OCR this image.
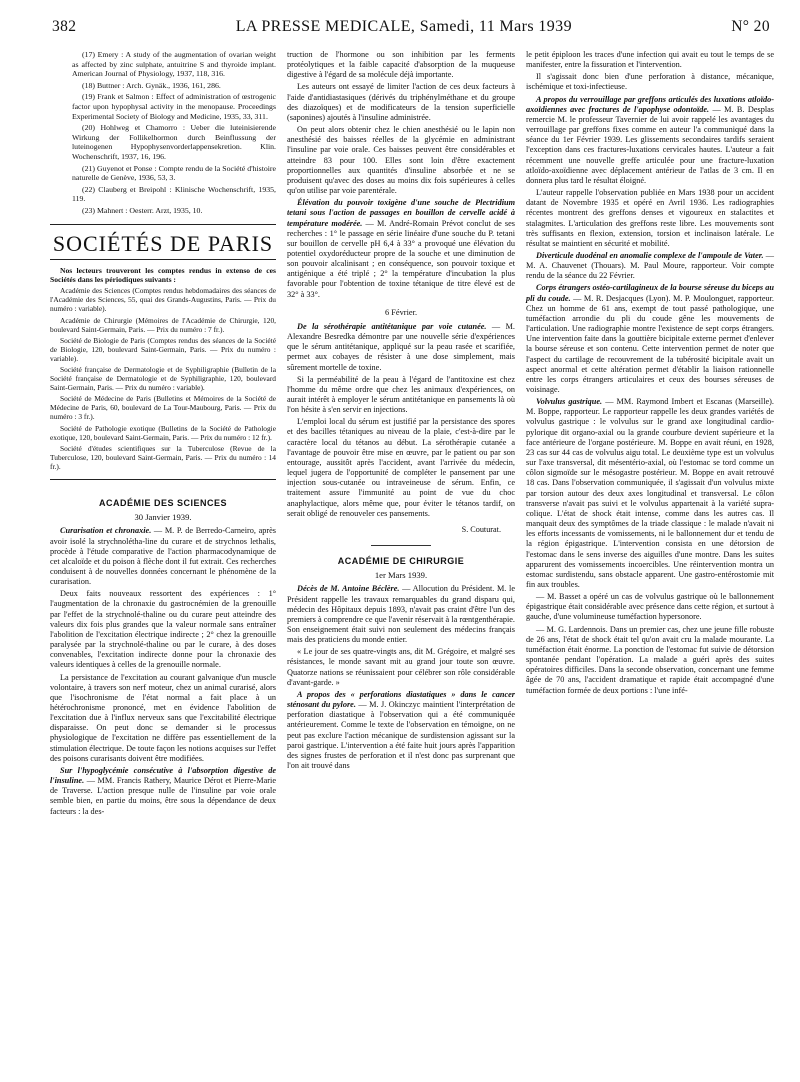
382	LA PRESSE MEDICALE, Samedi, 11 Mars 1939	N° 20

(17) Emery : A study of the augmentation of ovarian weight as affected by zinc sulphate, antuitrine S and thyroide implant. American Journal of Physiology, 1937, 118, 316.

(18) Buttner : Arch. Gynäk., 1936, 161, 286.

(19) Frank et Salmon : Effect of administration of œstrogenic factor upon hypophysal activity in the menopause. Proceedings Experimental Society of Biology and Medicine, 1935, 33, 311.

(20) Hohlweg et Chamorro : Ueber die luteinisierende Wirkung der Follikelhormon durch Beinflussung der luteinogenen Hypophysenvorderlappensekretion. Klin. Wochenschrift, 1937, 16, 196.

(21) Guyenot et Ponse : Compte rendu de la Société d'histoire naturelle de Genève, 1936, 53, 3.

(22) Clauberg et Breipohl : Klinische Wochenschrift, 1935, 119.

(23) Mahnert : Oesterr. Arzt, 1935, 10.

SOCIÉTÉS DE PARIS

Nos lecteurs trouveront les comptes rendus in extenso de ces Sociétés dans les périodiques suivants :

Académie des Sciences (Comptes rendus hebdomadaires des séances de l'Académie des Sciences, 55, quai des Grands-Augustins, Paris. — Prix du numéro : variable).

Académie de Chirurgie (Mémoires de l'Académie de Chirurgie, 120, boulevard Saint-Germain, Paris. — Prix du numéro : 7 fr.).

Société de Biologie de Paris (Comptes rendus des séances de la Société de Biologie, 120, boulevard Saint-Germain, Paris. — Prix du numéro : variable).

Société française de Dermatologie et de Syphiligraphie (Bulletin de la Société française de Dermatologie et de Syphiligraphie, 120, boulevard Saint-Germain, Paris. — Prix du numéro : variable).

Société de Médecine de Paris (Bulletins et Mémoires de la Société de Médecine de Paris, 60, boulevard de La Tour-Maubourg, Paris. — Prix du numéro : 3 fr.).

Société de Pathologie exotique (Bulletins de la Société de Pathologie exotique, 120, boulevard Saint-Germain, Paris. — Prix du numéro : 12 fr.).

Société d'études scientifiques sur la Tuberculose (Revue de la Tuberculose, 120, boulevard Saint-Germain, Paris. — Prix du numéro : 14 fr.).

ACADÉMIE DES SCIENCES
30 Janvier 1939.

Curarisation et chronaxie. — M. P. de Berredo-Carneiro, après avoir isolé la strychnolétha-line du curare et de strychnos lethalis, procède à l'étude comparative de l'action pharmacodynamique de cet alcaloïde et du poison à flèche dont il fut extrait. Ces recherches conduisent à de nouvelles données concernant le phénomène de la curarisation.

Deux faits nouveaux ressortent des expériences : 1° l'augmentation de la chronaxie du gastrocnémien de la grenouille par l'effet de la strychnolé-thaline ou du curare peut atteindre des valeurs dix fois plus grandes que la valeur normale sans entraîner l'abolition de l'excitation électrique indirecte ; 2° chez la grenouille paralysée par la strychnolé-thaline ou par le curare, à des doses convenables, l'excitation indirecte donne pour la chronaxie des valeurs identiques à celles de la grenouille normale.

La persistance de l'excitation au courant galvanique d'un muscle volontaire, à travers son nerf moteur, chez un animal curarisé, alors que l'isochronisme de l'état normal a fait place à un hétérochronisme prononcé, met en évidence l'abolition de l'excitation due à l'influx nerveux sans que l'excitabilité électrique disparaisse. On peut donc se demander si le processus physiologique de l'excitation ne diffère pas essentiellement de la stimulation électrique. De toute façon les notions acquises sur l'effet des poisons curarisants doivent être modifiées.

Sur l'hypoglycémie consécutive à l'absorption digestive de l'insuline. — MM. Francis Rathery, Maurice Dérot et Pierre-Marie de Traverse. L'action presque nulle de l'insuline par voie orale semble bien, en partie du moins, être sous la dépendance de deux facteurs : la des-

truction de l'hormone ou son inhibition par les ferments protéolytiques et la faible capacité d'absorption de la muqueuse digestive à l'égard de sa molécule déjà importante.

Les auteurs ont essayé de limiter l'action de ces deux facteurs à l'aide d'antidiastasiques (dérivés du triphénylméthane et du groupe des diazoïques) et de modificateurs de la tension superficielle (saponines) ajoutés à l'insuline administrée.

On peut alors obtenir chez le chien anesthésié ou le lapin non anesthésié des baisses réelles de la glycémie en administrant l'insuline par voie orale. Ces baisses peuvent être considérables et atteindre 83 pour 100. Elles sont loin d'être exactement proportionnelles aux quantités d'insuline absorbée et ne se produisent qu'avec des doses au moins dix fois supérieures à celles qu'on utilise par voie parentérale.

Élévation du pouvoir toxigène d'une souche de Plectridium tetani sous l'action de passages en bouillon de cervelle acidé à température modérée. — M. André-Romain Prévot conclut de ses recherches : 1° le passage en série linéaire d'une souche du P. tetani sur bouillon de cervelle pH 6,4 à 33° a provoqué une élévation du potentiel oxydoréducteur propre de la souche et une diminution de son pouvoir alcalinisant ; en conséquence, son pouvoir toxique et antigénique a été triplé ; 2° la température d'incubation la plus favorable pour l'obtention de toxine tétanique de titre élevé est de 32° à 33°.

6 Février.

De la sérothérapie antitétanique par voie cutanée. — M. Alexandre Besredka démontre par une nouvelle série d'expériences que le sérum antitétanique, appliqué sur la peau rasée et scarifiée, permet aux cobayes de résister à une dose simplement, mais sûrement mortelle de toxine.

Si la perméabilité de la peau à l'égard de l'antitoxine est chez l'homme du même ordre que chez les animaux d'expériences, on aurait intérêt à employer le sérum antitétanique en pansements là où l'on hésite à s'en servir en injections.

L'emploi local du sérum est justifié par la persistance des spores et des bacilles tétaniques au niveau de la plaie, c'est-à-dire par le caractère local du tétanos au début. La sérothérapie cutanée a l'avantage de pouvoir être mise en œuvre, par le patient ou par son entourage, aussitôt après l'accident, avant l'arrivée du médecin, lequel jugera de l'opportunité de compléter le pansement par une injection sous-cutanée ou intraveineuse de sérum. Enfin, ce traitement assure l'immunité au point de vue du choc anaphylactique, alors même que, pour éviter le tétanos tardif, on serait obligé de renouveler ces pansements.

S. Couturat.
ACADÉMIE DE CHIRURGIE
1er Mars 1939.

Décès de M. Antoine Béclère. — Allocution du Président. M. le Président rappelle les travaux remarquables du grand disparu qui, médecin des Hôpitaux depuis 1893, n'avait pas craint d'être l'un des premiers à comprendre ce que l'avenir réservait à la rœntgenthérapie. Son enseignement était suivi non seulement des médecins français mais des praticiens du monde entier.

« Le jour de ses quatre-vingts ans, dit M. Grégoire, et malgré ses résistances, le monde savant mit au grand jour toute son œuvre. Quatorze nations se réunissaient pour célébrer son rôle considérable d'avant-garde. »

A propos des « perforations diastatiques » dans le cancer sténosant du pylore. — M. J. Okinczyc maintient l'interprétation de perforation diastatique à l'observation qui a été communiquée antérieurement. Comme le texte de l'observation en témoigne, on ne peut pas exclure l'action mécanique de surdistension agissant sur la paroi gastrique. L'intervention a été faite huit jours après l'apparition des signes frustes de perforation et il n'est donc pas surprenant que l'on ait trouvé dans

le petit épiploon les traces d'une infection qui avait eu tout le temps de se manifester, entre la fissuration et l'intervention.

Il s'agissait donc bien d'une perforation à distance, mécanique, ischémique et toxi-infectieuse.

A propos du verrouillage par greffons articulés des luxations atloïdo-axoïdiennes avec fractures de l'apophyse odontoïde. — M. B. Desplas remercie M. le professeur Tavernier de lui avoir rappelé les avantages du verrouillage par greffons fixes comme en auteur l'a communiqué dans la séance du 1er Février 1939. Les glissements secondaires tardifs seraient l'exception dans ces fractures-luxations cervicales hautes. L'auteur a fait récemment une nouvelle greffe articulée pour une fracture-luxation atloïdo-axoïdienne avec déplacement antérieur de l'atlas de 3 cm. Il en donnera plus tard le résultat éloigné.

L'auteur rappelle l'observation publiée en Mars 1938 pour un accident datant de Novembre 1935 et opéré en Avril 1936. Les radiographies récentes montrent des greffons denses et vigoureux en stalactites et stalagmites. L'articulation des greffons reste libre. Les mouvements sont très suffisants en flexion, extension, torsion et inclinaison latérale. Le résultat se maintient en sécurité et mobilité.

Diverticule duodénal en anomalie complexe de l'ampoule de Vater. — M. A. Chauvenet (Thouars). M. Paul Moure, rapporteur. Voir compte rendu de la séance du 22 Février.

Corps étrangers ostéo-cartilagineux de la bourse séreuse du biceps au pli du coude. — M. R. Desjacques (Lyon). M. P. Moulonguet, rapporteur. Chez un homme de 61 ans, exempt de tout passé pathologique, une tuméfaction arrondie du pli du coude gêne les mouvements de l'articulation. Une radiographie montre l'existence de sept corps étrangers. Une intervention faite dans la gouttière bicipitale externe permet d'enlever la bourse séreuse et son contenu. Cette intervention permet de noter que l'aspect du cartilage de recouvrement de la tubérosité bicipitale avait un aspect anormal et cette altération permet d'établir la liaison rationnelle entre les corps étrangers articulaires et ceux des bourses séreuses de voisinage.

Volvulus gastrique. — MM. Raymond Imbert et Escanas (Marseille). M. Boppe, rapporteur. Le rapporteur rappelle les deux grandes variétés de volvulus gastrique : le volvulus sur le grand axe longitudinal cardio-pylorique dit organo-axial ou la grande courbure devient supérieure et la face antérieure de l'organe postérieure. M. Boppe en avait réuni, en 1928, 23 cas sur 44 cas de volvulus aigu total. Le deuxième type est un volvulus sur l'axe transversal, dit mésentério-axial, où l'estomac se tord comme un côlon sigmoïde sur le mésogastre postérieur. M. Boppe en avait retrouvé 18 cas. Dans l'observation communiquée, il s'agissait d'un volvulus mixte par torsion autour des deux axes longitudinal et transversal. Le côlon transverse n'avait pas suivi et le volvulus appartenait à la variété supra-colique. L'état de shock était intense, comme dans les autres cas. Il manquait deux des symptômes de la triade classique : le malade n'avait ni les efforts incessants de vomissements, ni le ballonnement dur et tendu de la région épigastrique. L'intervention consista en une détorsion de l'estomac dans le sens inverse des aiguilles d'une montre. Dans les suites apparurent des vomissements incoercibles. Une réintervention montra un estomac surdistendu, sans obstacle apparent. Une gastro-entérostomie mit fin aux troubles.

— M. Basset a opéré un cas de volvulus gastrique où le ballonnement épigastrique était considérable avec présence dans cette région, et surtout à gauche, d'une volumineuse tuméfaction hypersonore.

— M. G. Lardennois. Dans un premier cas, chez une jeune fille robuste de 26 ans, l'état de shock était tel qu'on avait cru la malade mourante. La tuméfaction était énorme. La ponction de l'estomac fut suivie de détorsion spontanée pendant l'opération. La malade a guéri après des suites opératoires difficiles. Dans la seconde observation, concernant une femme âgée de 70 ans, l'accident dramatique et rapide était accompagné d'une tuméfaction formée de deux portions : l'une infé-
